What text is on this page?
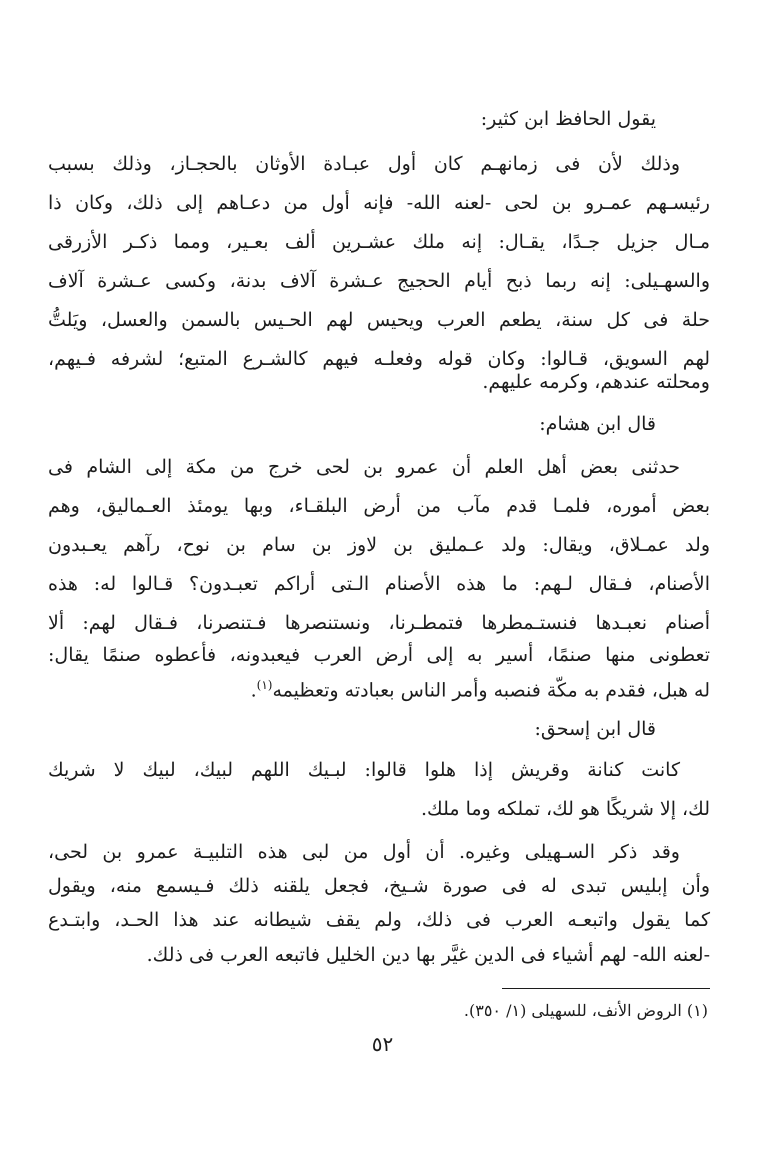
يقول الحافظ ابن كثير:
وذلك لأن فى زمانهـم كان أول عبـادة الأوثان بالحجـاز، وذلك بسبب
رئيسـهم عمـرو بن لحى -لعنه الله- فإنه أول من دعـاهم إلى ذلك، وكان ذا
مـال جزيل جـدًا، يقـال: إنه ملك عشـرين ألف بعـير، ومما ذكـر الأزرقى
والسهـيلى: إنه ربما ذبح أيام الحجيج عـشرة آلاف بدنة، وكسى عـشرة آلاف
حلة فى كل سنة، يطعم العرب ويحيس لهم الحـيس بالسمن والعسل، ويَلتُّ
لهم السويق، قـالوا: وكان قوله وفعلـه فيهم كالشـرع المتبع؛ لشرفه فـيهم،
ومحلته عندهم، وكرمه عليهم.
قال ابن هشام:
حدثنى بعض أهل العلم أن عمرو بن لحى خرج من مكة إلى الشام فى
بعض أموره، فلمـا قدم مآب من أرض البلقـاء، وبها يومئذ العـماليق، وهم
ولد عمـلاق، ويقال: ولد عـمليق بن لاوز بن سام بن نوح، رآهم يعـبدون
الأصنام، فـقال لـهم: ما هذه الأصنام الـتى أراكم تعبـدون؟ قـالوا له: هذه
أصنام نعبـدها فنستـمطرها فتمطـرنا، ونستنصرها فـتنصرنا، فـقال لهم: ألا
تعطونى منها صنمًا، أسير به إلى أرض العرب فيعبدونه، فأعطوه صنمًا يقال:
له هبل، فقدم به مكّة فنصبه وأمر الناس بعبادته وتعظيمه$^{(١)}$.
قال ابن إسحق:
كانت كنانة وقريش إذا هلوا قالوا: لبـيك اللهم لبيك، لبيك لا شريك
لك، إلا شريكًا هو لك، تملكه وما ملك.
وقد ذكر السـهيلى وغيره. أن أول من لبى هذه التلبيـة عمرو بن لحى،
وأن إبليس تبدى له فى صورة شـيخ، فجعل يلقنه ذلك فـيسمع منه، ويقول
كما يقول واتبعـه العرب فى ذلك، ولم يقف شيطانه عند هذا الحـد، وابتـدع
-لعنه الله- لهم أشياء فى الدين غيَّر بها دين الخليل فاتبعه العرب فى ذلك.
(١) الروض الأنف، للسهيلى (١/ ٣٥٠).
٥٢
